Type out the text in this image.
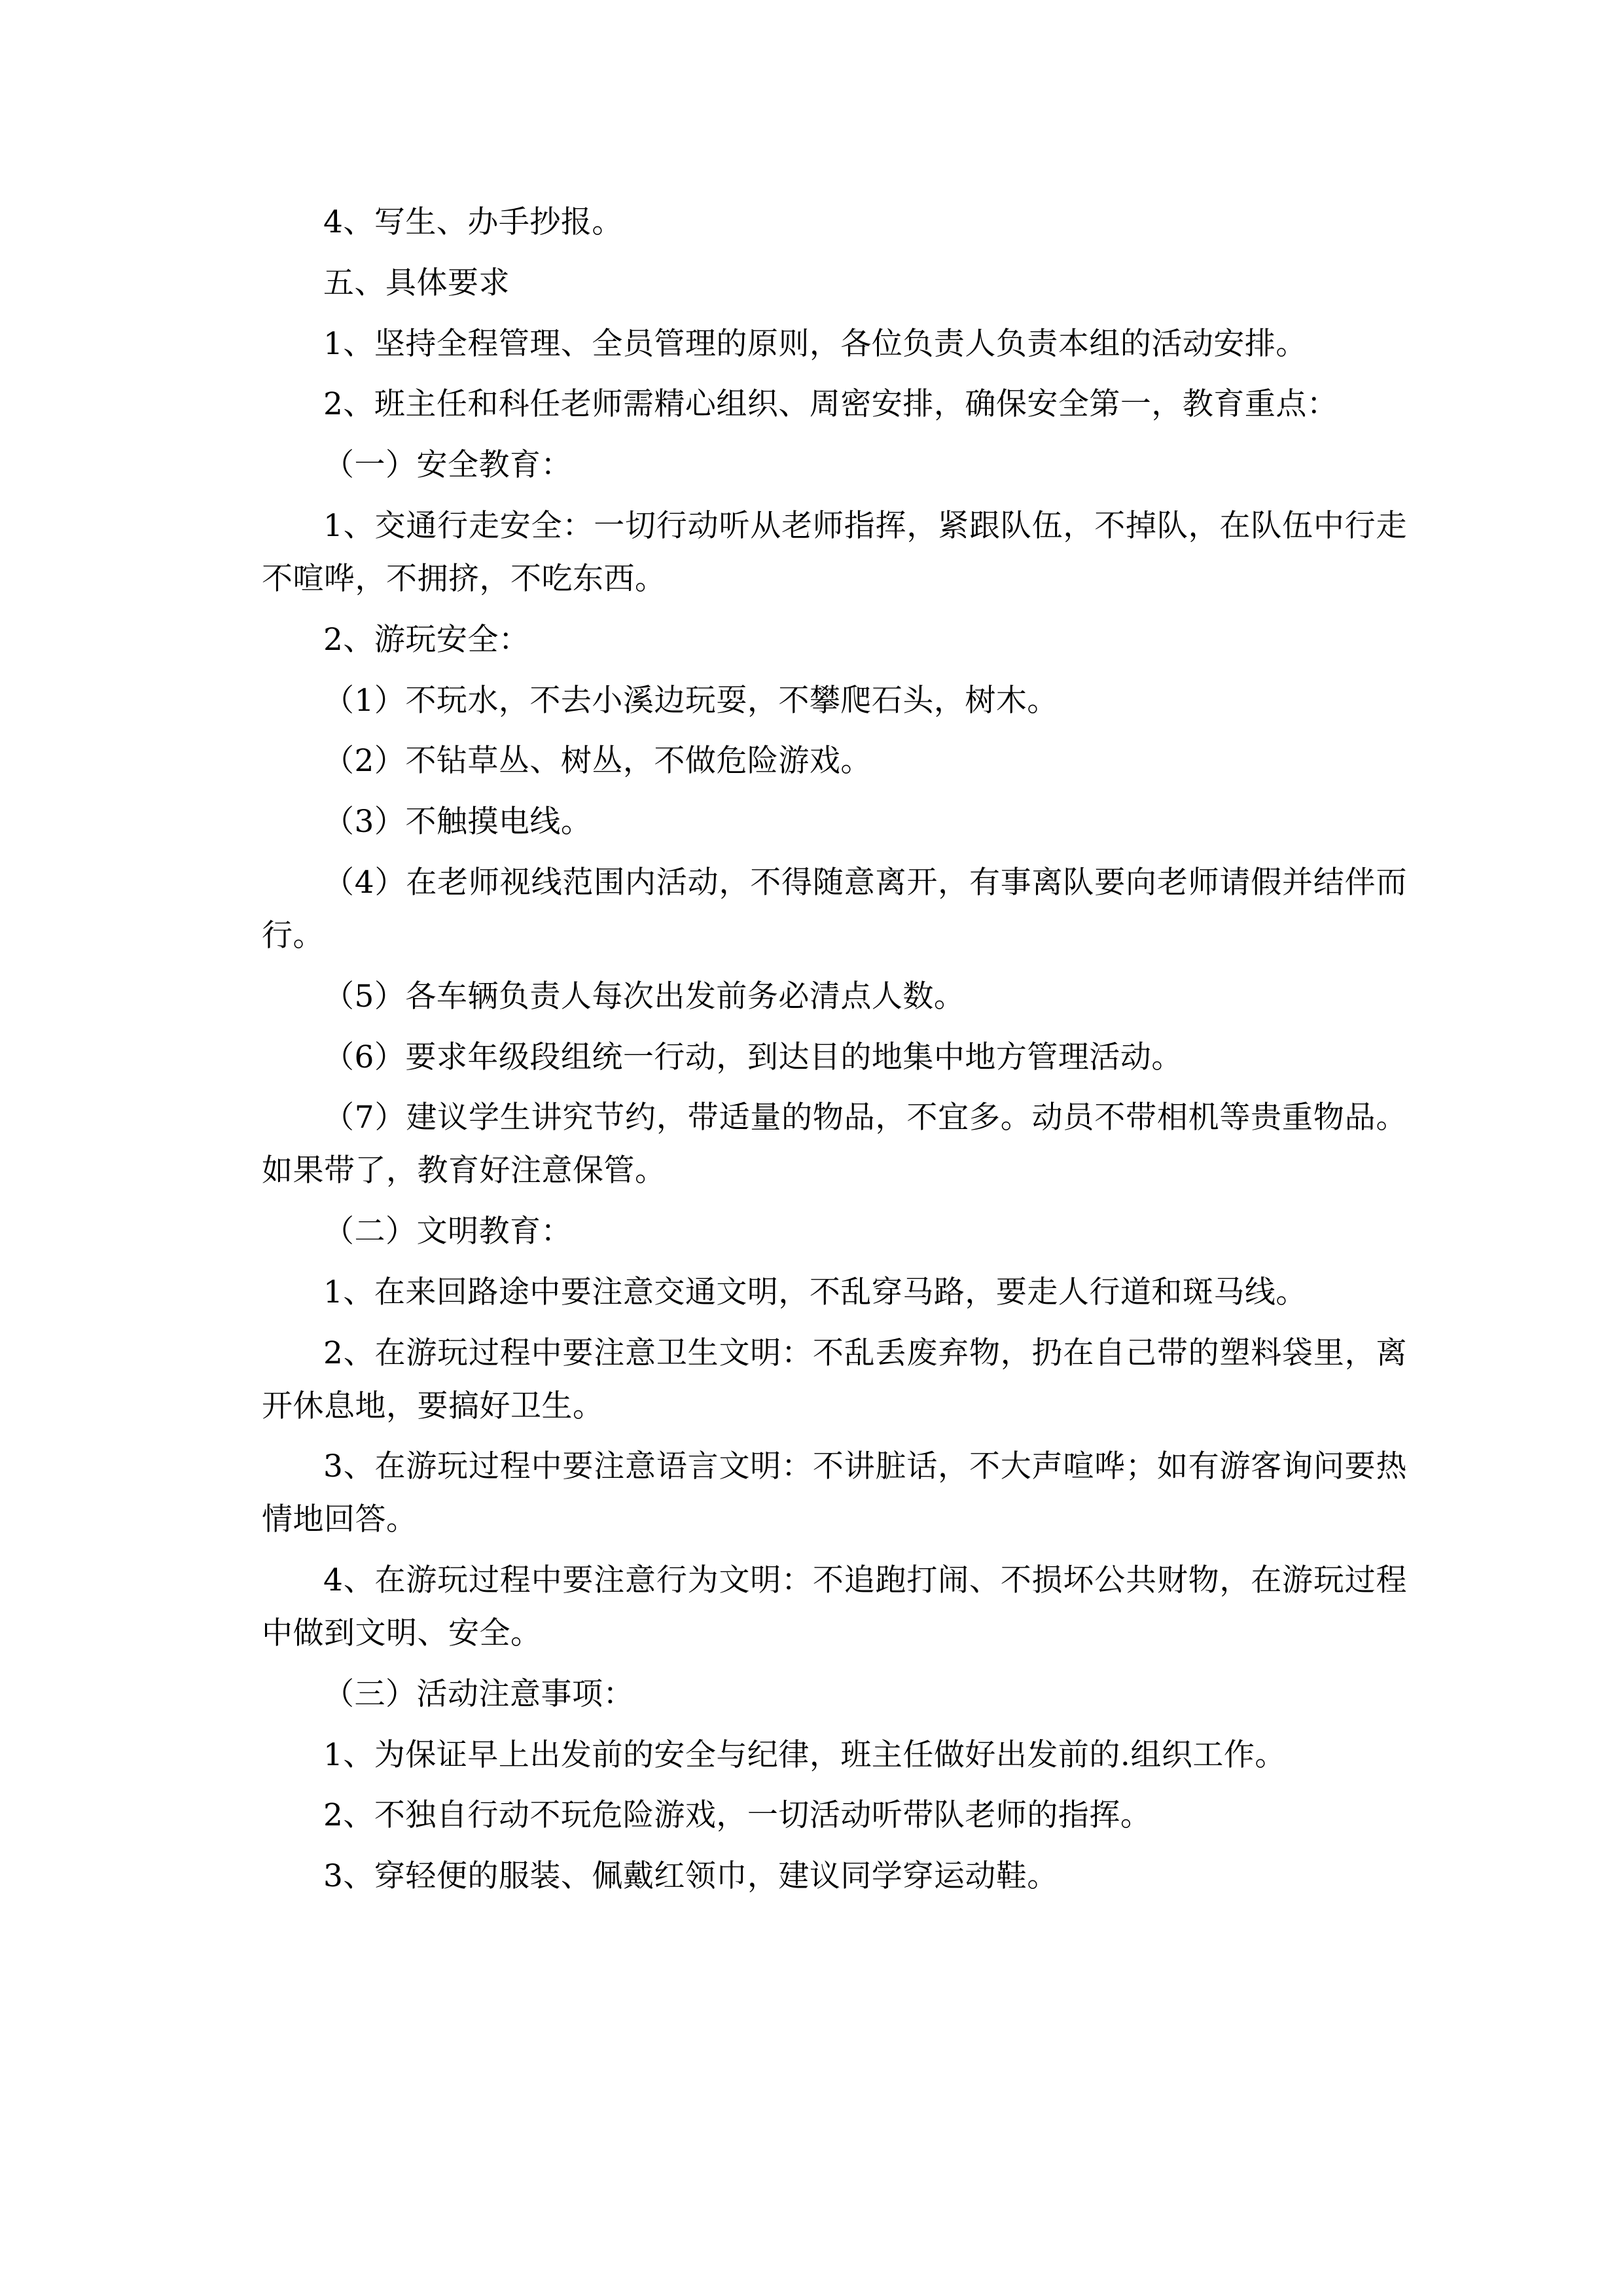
4、写生、办手抄报。

五、具体要求

1、坚持全程管理、全员管理的原则，各位负责人负责本组的活动安排。

2、班主任和科任老师需精心组织、周密安排，确保安全第一，教育重点：

（一）安全教育：

1、交通行走安全：一切行动听从老师指挥，紧跟队伍，不掉队，在队伍中行走不喧哗，不拥挤，不吃东西。

2、游玩安全：

（1）不玩水，不去小溪边玩耍，不攀爬石头，树木。

（2）不钻草丛、树丛，不做危险游戏。

（3）不触摸电线。

（4）在老师视线范围内活动，不得随意离开，有事离队要向老师请假并结伴而行。

（5）各车辆负责人每次出发前务必清点人数。

（6）要求年级段组统一行动，到达目的地集中地方管理活动。

（7）建议学生讲究节约，带适量的物品，不宜多。动员不带相机等贵重物品。如果带了，教育好注意保管。

（二）文明教育：

1、在来回路途中要注意交通文明，不乱穿马路，要走人行道和斑马线。

2、在游玩过程中要注意卫生文明：不乱丢废弃物，扔在自己带的塑料袋里，离开休息地，要搞好卫生。

3、在游玩过程中要注意语言文明：不讲脏话，不大声喧哗；如有游客询问要热情地回答。

4、在游玩过程中要注意行为文明：不追跑打闹、不损坏公共财物，在游玩过程中做到文明、安全。

（三）活动注意事项：

1、为保证早上出发前的安全与纪律，班主任做好出发前的.组织工作。

2、不独自行动不玩危险游戏，一切活动听带队老师的指挥。

3、穿轻便的服装、佩戴红领巾，建议同学穿运动鞋。
